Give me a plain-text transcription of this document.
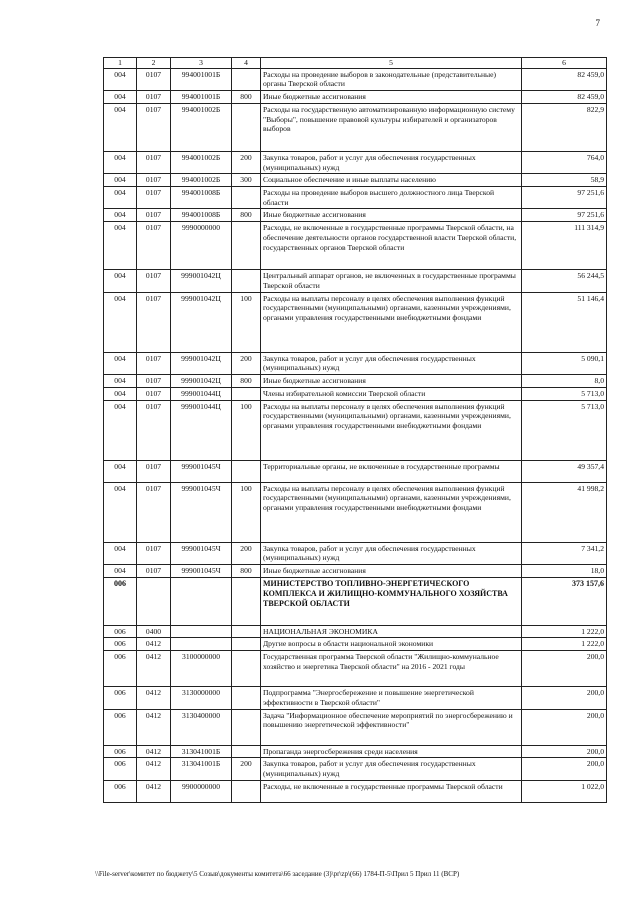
7
1	2	3	4	5	6
004	0107	994001001Б		Расходы на проведение выборов в законодательные (представительные) органы Тверской области	82 459,0
004	0107	994001001Б	800	Иные бюджетные ассигнования	82 459,0
004	0107	994001002Б		Расходы на государственную автоматизированную информационную систему "Выборы", повышение правовой культуры избирателей и организаторов выборов	822,9
004	0107	994001002Б	200	Закупка товаров, работ и услуг для обеспечения государственных (муниципальных) нужд	764,0
004	0107	994001002Б	300	Социальное обеспечение и иные выплаты населению	58,9
004	0107	994001008Б		Расходы на проведение выборов высшего должностного лица Тверской области	97 251,6
004	0107	994001008Б	800	Иные бюджетные ассигнования	97 251,6
004	0107	9990000000		Расходы, не включенные в государственные программы Тверской области, на обеспечение деятельности органов государственной власти Тверской области, государственных органов Тверской области	111 314,9
004	0107	999001042Ц		Центральный аппарат органов, не включенных в государственные программы Тверской области	56 244,5
004	0107	999001042Ц	100	Расходы на выплаты персоналу в целях обеспечения выполнения функций государственными (муниципальными) органами, казенными учреждениями, органами управления государственными внебюджетными фондами	51 146,4
004	0107	999001042Ц	200	Закупка товаров, работ и услуг для обеспечения государственных (муниципальных) нужд	5 090,1
004	0107	999001042Ц	800	Иные бюджетные ассигнования	8,0
004	0107	999001044Ц		Члены избирательной комиссии Тверской области	5 713,0
004	0107	999001044Ц	100	Расходы на выплаты персоналу в целях обеспечения выполнения функций государственными (муниципальными) органами, казенными учреждениями, органами управления государственными внебюджетными фондами	5 713,0
004	0107	999001045Ч		Территориальные органы, не включенные в государственные программы	49 357,4
004	0107	999001045Ч	100	Расходы на выплаты персоналу в целях обеспечения выполнения функций государственными (муниципальными) органами, казенными учреждениями, органами управления государственными внебюджетными фондами	41 998,2
004	0107	999001045Ч	200	Закупка товаров, работ и услуг для обеспечения государственных (муниципальных) нужд	7 341,2
004	0107	999001045Ч	800	Иные бюджетные ассигнования	18,0
006				МИНИСТЕРСТВО ТОПЛИВНО-ЭНЕРГЕТИЧЕСКОГО КОМПЛЕКСА И ЖИЛИЩНО-КОММУНАЛЬНОГО ХОЗЯЙСТВА ТВЕРСКОЙ ОБЛАСТИ	373 157,6
006	0400			НАЦИОНАЛЬНАЯ ЭКОНОМИКА	1 222,0
006	0412			Другие вопросы в области национальной экономики	1 222,0
006	0412	3100000000		Государственная программа Тверской области "Жилищно-коммунальное хозяйство и энергетика Тверской области" на 2016 - 2021 годы	200,0
006	0412	3130000000		Подпрограмма "Энергосбережение и повышение энергетической эффективности в Тверской области"	200,0
006	0412	3130400000		Задача "Информационное обеспечение мероприятий по энергосбережению и повышению энергетической эффективности"	200,0
006	0412	313041001Б		Пропаганда энергосбережения среди населения	200,0
006	0412	313041001Б	200	Закупка товаров, работ и услуг для обеспечения государственных (муниципальных) нужд	200,0
006	0412	9900000000		Расходы, не включенные в государственные программы Тверской области	1 022,0
\\File-server\комитет по бюджету\5 Созыв\документы комитета\66 заседание (3)\pr\zp\(66) 1784-П-5\Прил 5 Прил 11 (ВСР)
